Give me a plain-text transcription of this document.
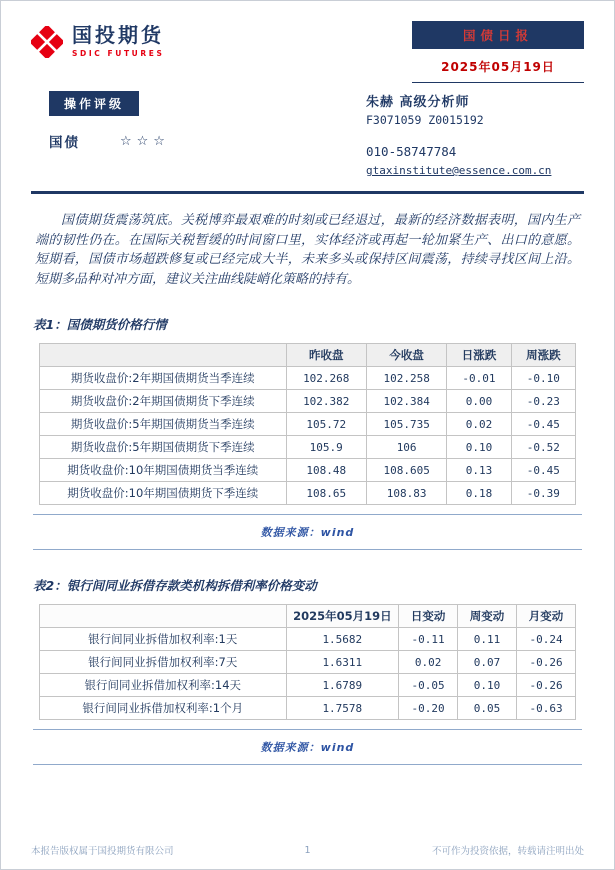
国投期货
SDIC FUTURES
国债日报
2025年05月19日
操作评级
国债	☆☆☆
朱赫 高级分析师
F3071059 Z0015192
010-58747784
gtaxinstitute@essence.com.cn

国债期货震荡筑底。关税博弈最艰难的时刻或已经退过，最新的经济数据表明，国内生产端的韧性仍在。在国际关税暂缓的时间窗口里，实体经济或再起一轮加紧生产、出口的意愿。短期看，国债市场超跌修复或已经完成大半，未来多头或保持区间震荡，持续寻找区间上沿。短期多品种对冲方面，建议关注曲线陡峭化策略的持有。

表1：国债期货价格行情
	昨收盘	今收盘	日涨跌	周涨跌
期货收盘价:2年期国债期货当季连续	102.268	102.258	-0.01	-0.10
期货收盘价:2年期国债期货下季连续	102.382	102.384	0.00	-0.23
期货收盘价:5年期国债期货当季连续	105.72	105.735	0.02	-0.45
期货收盘价:5年期国债期货下季连续	105.9	106	0.10	-0.52
期货收盘价:10年期国债期货当季连续	108.48	108.605	0.13	-0.45
期货收盘价:10年期国债期货下季连续	108.65	108.83	0.18	-0.39
数据来源：wind
表2：银行间同业拆借存款类机构拆借利率价格变动
	2025年05月19日	日变动	周变动	月变动
银行间同业拆借加权利率:1天	1.5682	-0.11	0.11	-0.24
银行间同业拆借加权利率:7天	1.6311	0.02	0.07	-0.26
银行间同业拆借加权利率:14天	1.6789	-0.05	0.10	-0.26
银行间同业拆借加权利率:1个月	1.7578	-0.20	0.05	-0.63
数据来源：wind
本报告版权属于国投期货有限公司	1	不可作为投资依据，转载请注明出处
